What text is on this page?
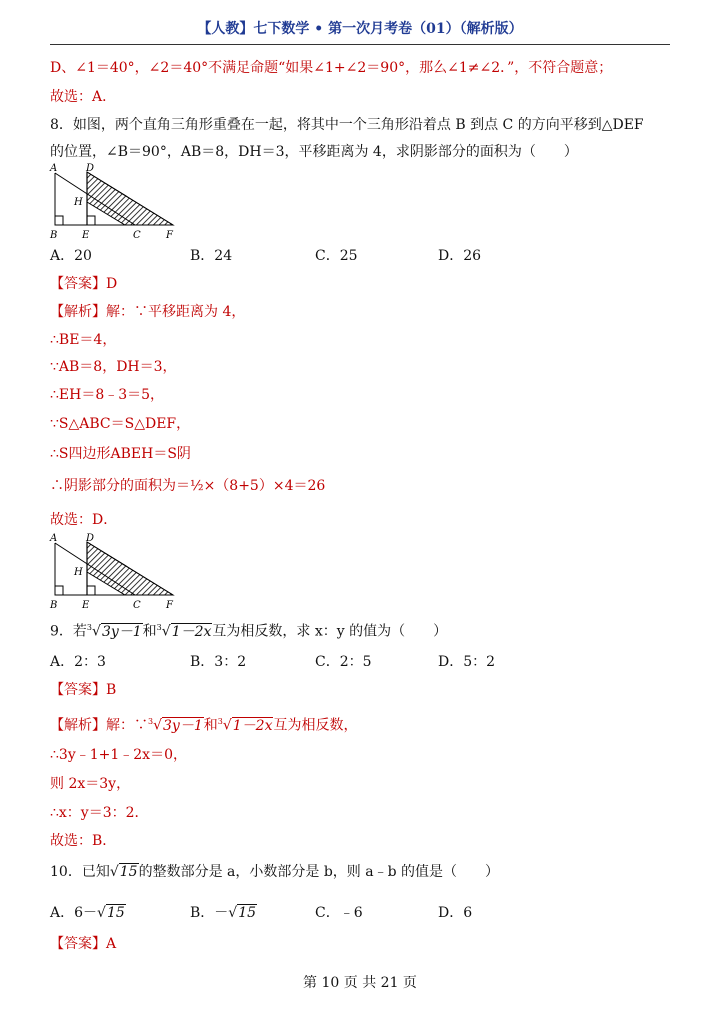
【人教】七下数学 • 第一次月考卷（01）（解析版）
D、∠1＝40°，∠2＝40°不满足命题“如果∠1+∠2＝90°，那么∠1≠∠2．”，不符合题意；
故选：A．
8．如图，两个直角三角形重叠在一起，将其中一个三角形沿着点 B 到点 C 的方向平移到△DEF
的位置，∠B＝90°，AB＝8，DH＝3，平移距离为 4，求阴影部分的面积为（　　）
A	D
H
B E	C	F
A．20	B．24	C．25	D．26
【答案】D
【解析】解：∵平移距离为 4，
∴BE＝4，
∵AB＝8，DH＝3，
∴EH＝8﹣3＝5，
∵S△ABC＝S△DEF，
∴S四边形ABEH＝S阴
∴阴影部分的面积为＝½×（8+5）×4＝26
故选：D．
A	D
H
B E	C	F
9．若$^3$√3y－1和$^3$√1－2x互为相反数，求 x：y 的值为（　　）
A．2：3	B．3：2	C．2：5	D．5：2
【答案】B
【解析】解：∵$^3$√3y－1和$^3$√1－2x互为相反数，
∴3y﹣1+1﹣2x＝0，
则 2x＝3y，
∴x：y＝3：2．
故选：B．
10．已知√15的整数部分是 a，小数部分是 b，则 a﹣b 的值是（　　）
A．6－√15	B．－√15	C．﹣6	D．6
【答案】A
第 10 页 共 21 页
